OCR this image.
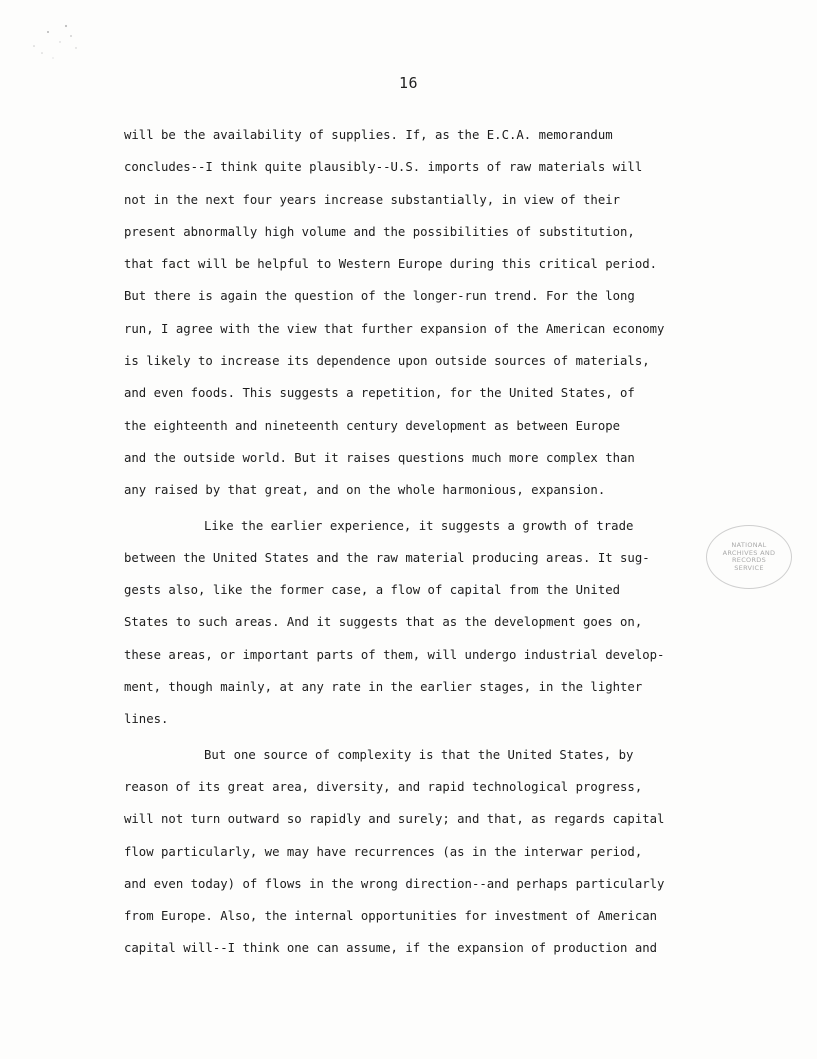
16
will be the availability of supplies. If, as the E.C.A. memorandum
concludes--I think quite plausibly--U.S. imports of raw materials will
not in the next four years increase substantially, in view of their
present abnormally high volume and the possibilities of substitution,
that fact will be helpful to Western Europe during this critical period.
But there is again the question of the longer-run trend. For the long
run, I agree with the view that further expansion of the American economy
is likely to increase its dependence upon outside sources of materials,
and even foods. This suggests a repetition, for the United States, of
the eighteenth and nineteenth century development as between Europe
and the outside world. But it raises questions much more complex than
any raised by that great, and on the whole harmonious, expansion.
Like the earlier experience, it suggests a growth of trade
between the United States and the raw material producing areas. It sug-
gests also, like the former case, a flow of capital from the United
States to such areas. And it suggests that as the development goes on,
these areas, or important parts of them, will undergo industrial develop-
ment, though mainly, at any rate in the earlier stages, in the lighter
lines.
But one source of complexity is that the United States, by
reason of its great area, diversity, and rapid technological progress,
will not turn outward so rapidly and surely; and that, as regards capital
flow particularly, we may have recurrences (as in the interwar period,
and even today) of flows in the wrong direction--and perhaps particularly
from Europe. Also, the internal opportunities for investment of American
capital will--I think one can assume, if the expansion of production and
NATIONAL
ARCHIVES AND
RECORDS
SERVICE
